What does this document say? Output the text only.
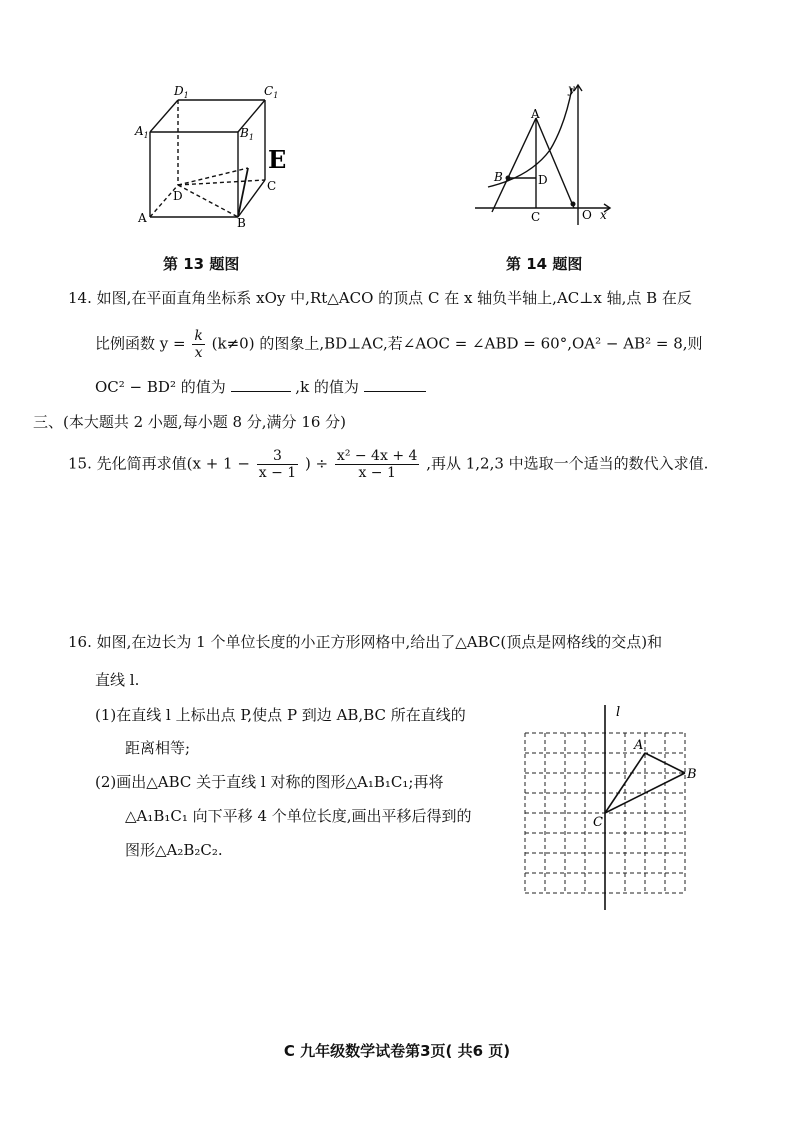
$D_1$	$C_1$
$A_1$	$B_1$
E
C
D
A	B
第 13 题图
y
A
B	D
C	O x
第 14 题图
14. 如图,在平面直角坐标系 xOy 中,Rt△ACO 的顶点 C 在 x 轴负半轴上,AC⊥x 轴,点 B 在反
比例函数 $y = \frac{k}{x} (k\ne 0)$ 的图象上,BD⊥AC,若∠AOC = ∠ABD = 60°,OA² − AB² = 8,则
OC² − BD² 的值为	,k 的值为
三、(本大题共 2 小题,每小题 8 分,满分 16 分)
15. 先化简再求值($x + 1 - \frac{3}{x - 1}$ ) ÷ $\frac{\text{x² − 4x + 4}}{x - 1}$ ,再从 1,2,3 中选取一个适当的数代入求值.
16. 如图,在边长为 1 个单位长度的小正方形网格中,给出了△ABC(顶点是网格线的交点)和
直线 l.
(1)在直线 l 上标出点 P,使点 P 到边 AB,BC 所在直线的
距离相等;
(2)画出△ABC 关于直线 l 对称的图形△A₁B₁C₁;再将
△A₁B₁C₁ 向下平移 4 个单位长度,画出平移后得到的
图形△A₂B₂C₂.
l
A
B
C
C 九年级数学试卷第3页( 共6 页)
